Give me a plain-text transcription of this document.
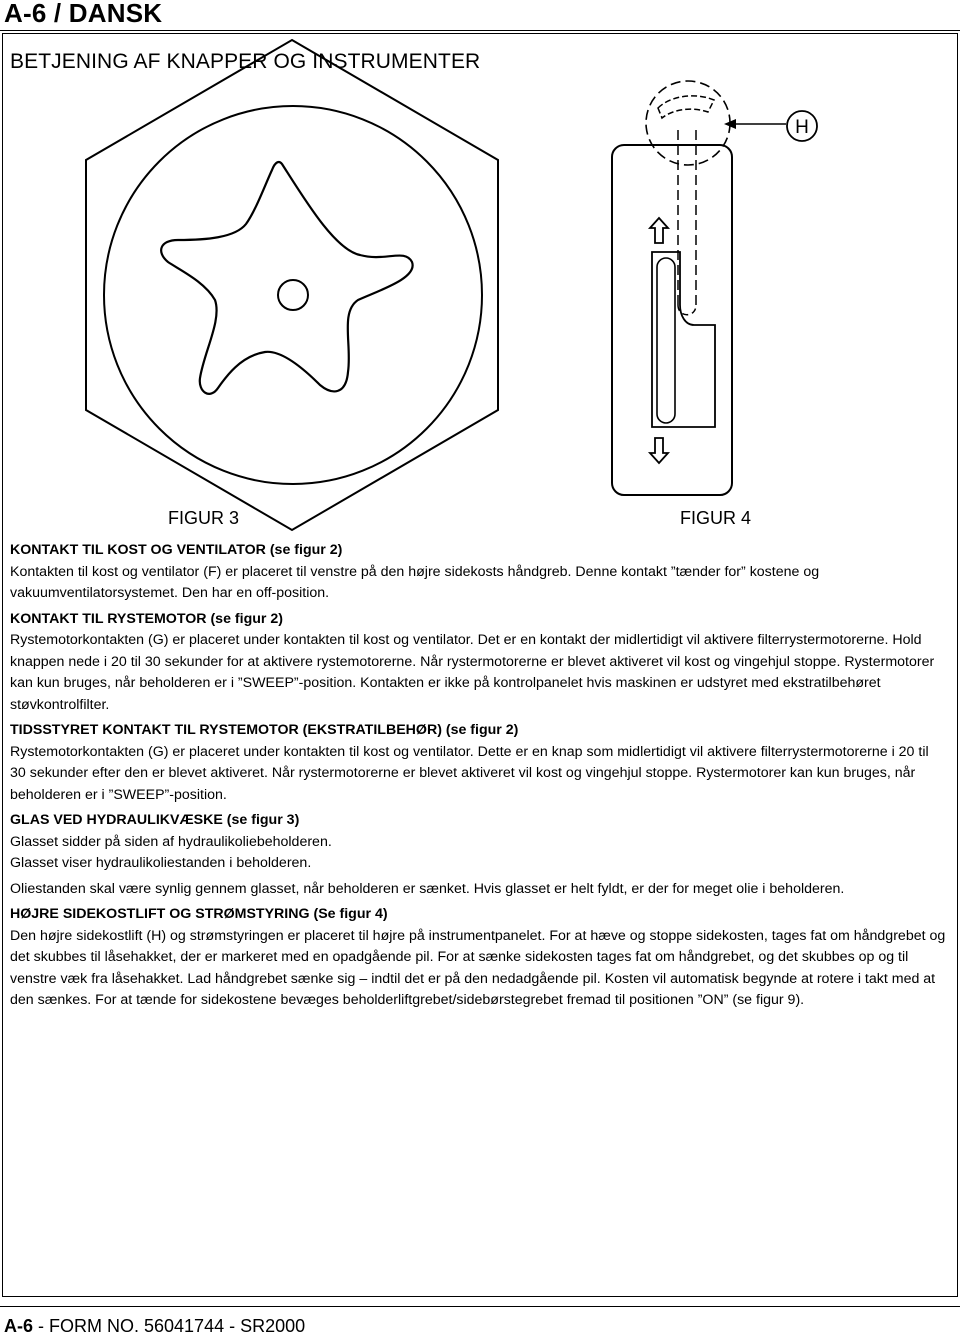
A-6 / DANSK
BETJENING AF KNAPPER OG INSTRUMENTER
H
FIGUR 3	FIGUR 4
KONTAKT TIL KOST OG VENTILATOR (se figur 2)

Kontakten til kost og ventilator (F) er placeret til venstre på den højre sidekosts håndgreb. Denne kontakt ”tænder for” kostene og vakuumventilatorsystemet. Den har en off-position.

KONTAKT TIL RYSTEMOTOR (se figur 2)

Rystemotorkontakten (G) er placeret under kontakten til kost og ventilator. Det er en kontakt der midlertidigt vil aktivere filterrystermotorerne. Hold knappen nede i 20 til 30 sekunder for at aktivere rystemotorerne. Når rystermotorerne er blevet aktiveret vil kost og vingehjul stoppe. Rystermotorer kan kun bruges, når beholderen er i ”SWEEP”-position. Kontakten er ikke på kontrolpanelet hvis maskinen er udstyret med ekstratilbehøret støvkontrolfilter.

TIDSSTYRET KONTAKT TIL RYSTEMOTOR (EKSTRATILBEHØR) (se figur 2)

Rystemotorkontakten (G) er placeret under kontakten til kost og ventilator. Dette er en knap som midlertidigt vil aktivere filterrystermotorerne i 20 til 30 sekunder efter den er blevet aktiveret. Når rystermotorerne er blevet aktiveret vil kost og vingehjul stoppe. Rystermotorer kan kun bruges, når beholderen er i ”SWEEP”-position.

GLAS VED HYDRAULIKVÆSKE (se figur 3)

Glasset sidder på siden af hydraulikoliebeholderen.

Glasset viser hydraulikoliestanden i beholderen.

Oliestanden skal være synlig gennem glasset, når beholderen er sænket. Hvis glasset er helt fyldt, er der for meget olie i beholderen.

HØJRE SIDEKOSTLIFT OG STRØMSTYRING (Se figur 4)

Den højre sidekostlift (H) og strømstyringen er placeret til højre på instrumentpanelet. For at hæve og stoppe sidekosten, tages fat om håndgrebet og det skubbes til låsehakket, der er markeret med en opadgående pil. For at sænke sidekosten tages fat om håndgrebet, og det skubbes op og til venstre væk fra låsehakket. Lad håndgrebet sænke sig – indtil det er på den nedadgående pil. Kosten vil automatisk begynde at rotere i takt med at den sænkes. For at tænde for sidekostene bevæges beholderliftgrebet/sidebørstegrebet fremad til positionen ”ON” (se figur 9).

A-6 - FORM NO. 56041744 - SR2000
